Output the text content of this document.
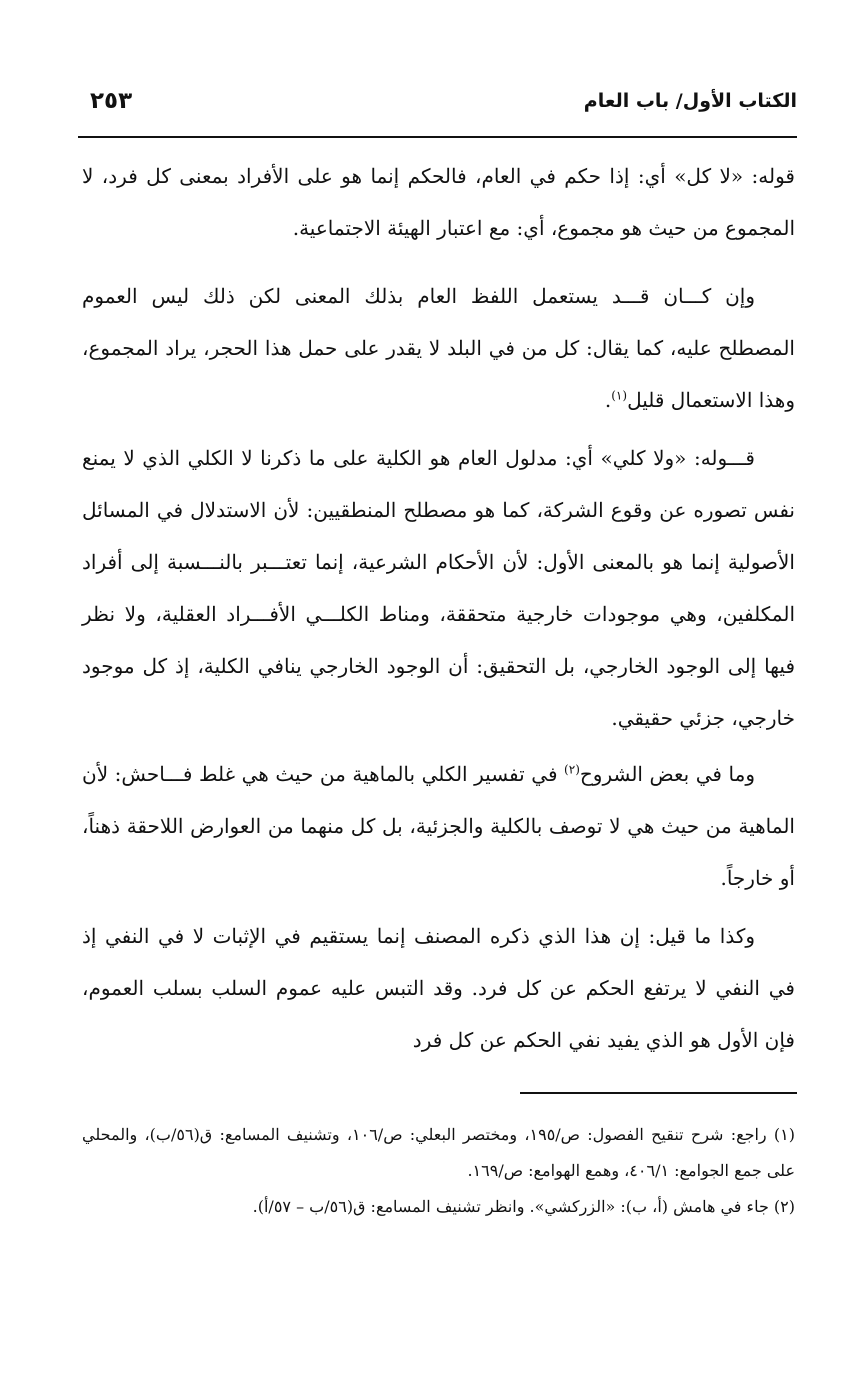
الكتاب الأول/ باب العام
٢٥٣

قوله: «لا كل» أي: إذا حكم في العام، فالحكم إنما هو على الأفراد بمعنى كل فرد، لا المجموع من حيث هو مجموع، أي: مع اعتبار الهيئة الاجتماعية.

وإن كـــان قـــد يستعمل اللفظ العام بذلك المعنى لكن ذلك ليس العموم المصطلح عليه، كما يقال: كل من في البلد لا يقدر على حمل هذا الحجر، يراد المجموع، وهذا الاستعمال قليل$^{(١)}$.

قـــوله: «ولا كلي» أي: مدلول العام هو الكلية على ما ذكرنا لا الكلي الذي لا يمنع نفس تصوره عن وقوع الشركة، كما هو مصطلح المنطقيين: لأن الاستدلال في المسائل الأصولية إنما هو بالمعنى الأول: لأن الأحكام الشرعية، إنما تعتـــبر بالنـــسبة إلى أفراد المكلفين، وهي موجودات خارجية متحققة، ومناط الكلـــي الأفـــراد العقلية، ولا نظر فيها إلى الوجود الخارجي، بل التحقيق: أن الوجود الخارجي ينافي الكلية، إذ كل موجود خارجي، جزئي حقيقي.

وما في بعض الشروح$^{(٢)}$ في تفسير الكلي بالماهية من حيث هي غلط فـــاحش: لأن الماهية من حيث هي لا توصف بالكلية والجزئية، بل كل منهما من العوارض اللاحقة ذهناً، أو خارجاً.

وكذا ما قيل: إن هذا الذي ذكره المصنف إنما يستقيم في الإثبات لا في النفي إذ في النفي لا يرتفع الحكم عن كل فرد. وقد التبس عليه عموم السلب بسلب العموم، فإن الأول هو الذي يفيد نفي الحكم عن كل فرد

(١) راجع: شرح تنقيح الفصول: ص/١٩٥، ومختصر البعلي: ص/١٠٦، وتشنيف المسامع: ق(٥٦/ب)، والمحلي على جمع الجوامع: ٤٠٦/١، وهمع الهوامع: ص/١٦٩.

(٢) جاء في هامش (أ، ب): «الزركشي». وانظر تشنيف المسامع: ق(٥٦/ب – ٥٧/أ).
